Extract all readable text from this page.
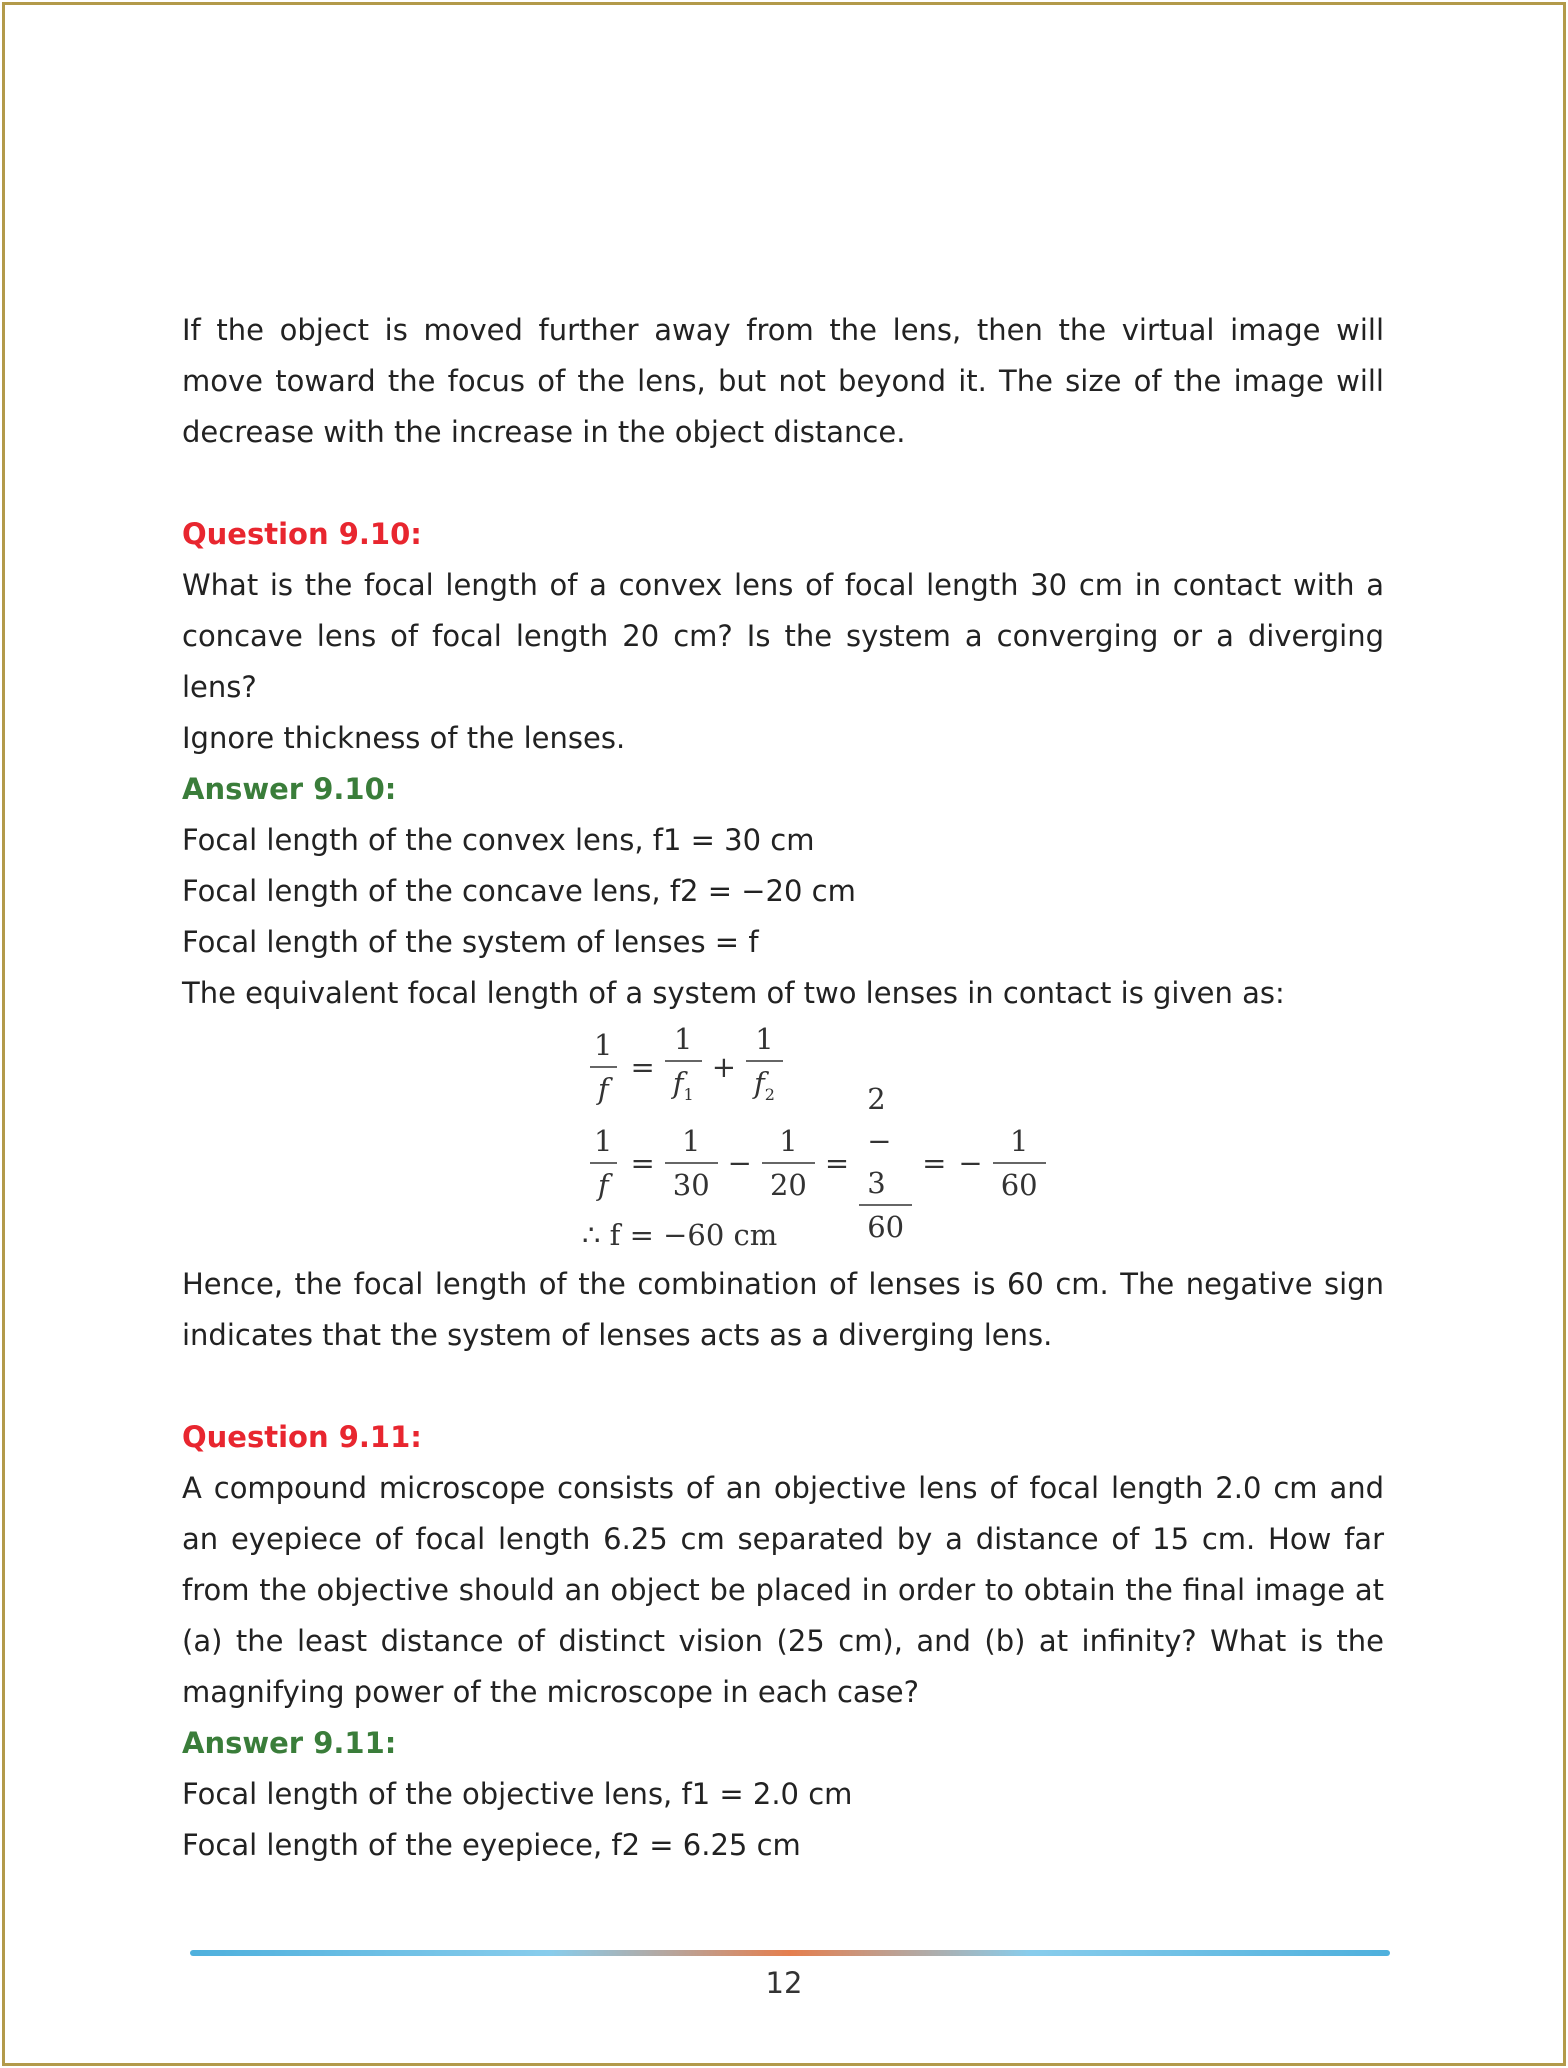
If the object is moved further away from the lens, then the virtual image will move toward the focus of the lens, but not beyond it. The size of the image will decrease with the increase in the object distance.

Question 9.10:

What is the focal length of a convex lens of focal length 30 cm in contact with a concave lens of focal length 20 cm? Is the system a converging or a diverging lens?

Ignore thickness of the lenses.

Answer 9.10:

Focal length of the convex lens, f1 = 30 cm

Focal length of the concave lens, f2 = −20 cm

Focal length of the system of lenses = f

The equivalent focal length of a system of two lenses in contact is given as:

$\frac{1}{f} = \frac{1}{f_1} + \frac{1}{f_2}$
$\frac{1}{f} = \frac{1}{30} - \frac{1}{20} = \frac{2 - 3}{60}$ = − $\frac{1}{60}$
∴ f = −60 cm

Hence, the focal length of the combination of lenses is 60 cm. The negative sign indicates that the system of lenses acts as a diverging lens.

Question 9.11:

A compound microscope consists of an objective lens of focal length 2.0 cm and an eyepiece of focal length 6.25 cm separated by a distance of 15 cm. How far from the objective should an object be placed in order to obtain the final image at (a) the least distance of distinct vision (25 cm), and (b) at infinity? What is the magnifying power of the microscope in each case?

Answer 9.11:

Focal length of the objective lens, f1 = 2.0 cm

Focal length of the eyepiece, f2 = 6.25 cm

12
